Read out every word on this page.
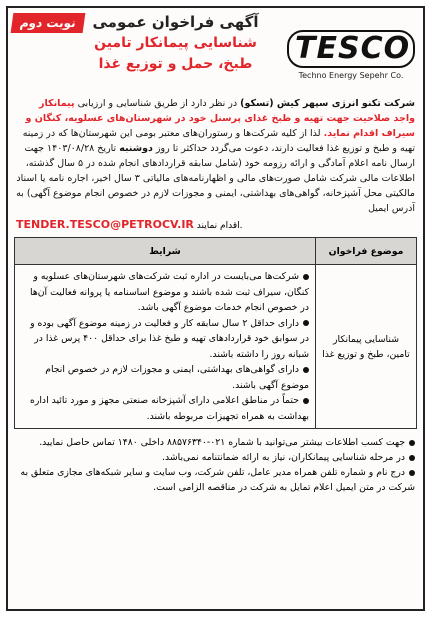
نوبت دوم	آگهی فراخوان عمومی
شناسایی پیمانکار تامین
طبخ، حمل و توزیع غذا	TESCO
Techno Energy Sepehr Co.
شرکت تکنو انرژی سپهر کیش (تسکو) در نظر دارد از طریق شناسایی و ارزیابی پیمانکار واجد صلاحیت جهت تهیه و طبخ غذای پرسنل خود در شهرستان‌های عسلویه، کنگان و سیراف اقدام نماید. لذا از کلیه شرکت‌ها و رستوران‌های معتبر بومی این شهرستان‌ها که در زمینه تهیه و طبخ و توزیع غذا فعالیت دارند، دعوت می‌گردد حداکثر تا روز دوشنبه تاریخ ۱۴۰۳/۰۸/۲۸ جهت ارسال نامه اعلام آمادگی و ارائه رزومه خود (شامل سابقه قراردادهای انجام شده در ۵ سال گذشته، اطلاعات مالی شرکت شامل صورت‌های مالی و اظهارنامه‌های مالیاتی ۳ سال اخیر، اجاره نامه یا اسناد مالکیتی محل آشپزخانه، گواهی‌های بهداشتی، ایمنی و مجوزات لازم در خصوص انجام موضوع آگهی) به آدرس ایمیل
TENDER.TESCO@PETROCV.IR اقدام نمایند.
موضوع فراخوان	شرایط
شناسایی پیمانکار تامین، طبخ و توزیع غذا	شرکت‌ها می‌بایست در اداره ثبت شرکت‌های شهرستان‌های عسلویه و کنگان، سیراف ثبت شده باشند و موضوع اساسنامه یا پروانه فعالیت آن‌ها در خصوص انجام خدمات موضوع آگهی باشد.
دارای حداقل ۲ سال سابقه کار و فعالیت در زمینه موضوع آگهی بوده و در سوابق خود قراردادهای تهیه و طبخ غذا برای حداقل ۴۰۰ پرس غذا در شبانه روز را داشته باشند.
دارای گواهی‌های بهداشتی، ایمنی و مجوزات لازم در خصوص انجام موضوع آگهی باشند.
حتماً در مناطق اعلامی دارای آشپزخانه صنعتی مجهز و مورد تائید اداره بهداشت به همراه تجهیزات مربوطه باشند.
جهت کسب اطلاعات بیشتر می‌توانید با شماره ۰۲۱-۸۸۵۷۶۳۴۰ داخلی ۱۴۸۰ تماس حاصل نمایید.
در مرحله شناسایی پیمانکاران، نیاز به ارائه ضمانتنامه نمی‌باشد.
درج نام و شماره تلفن همراه مدیر عامل، تلفن شرکت، وب سایت و سایر شبکه‌های مجازی متعلق به شرکت در متن ایمیل اعلام تمایل به شرکت در مناقصه الزامی است.
